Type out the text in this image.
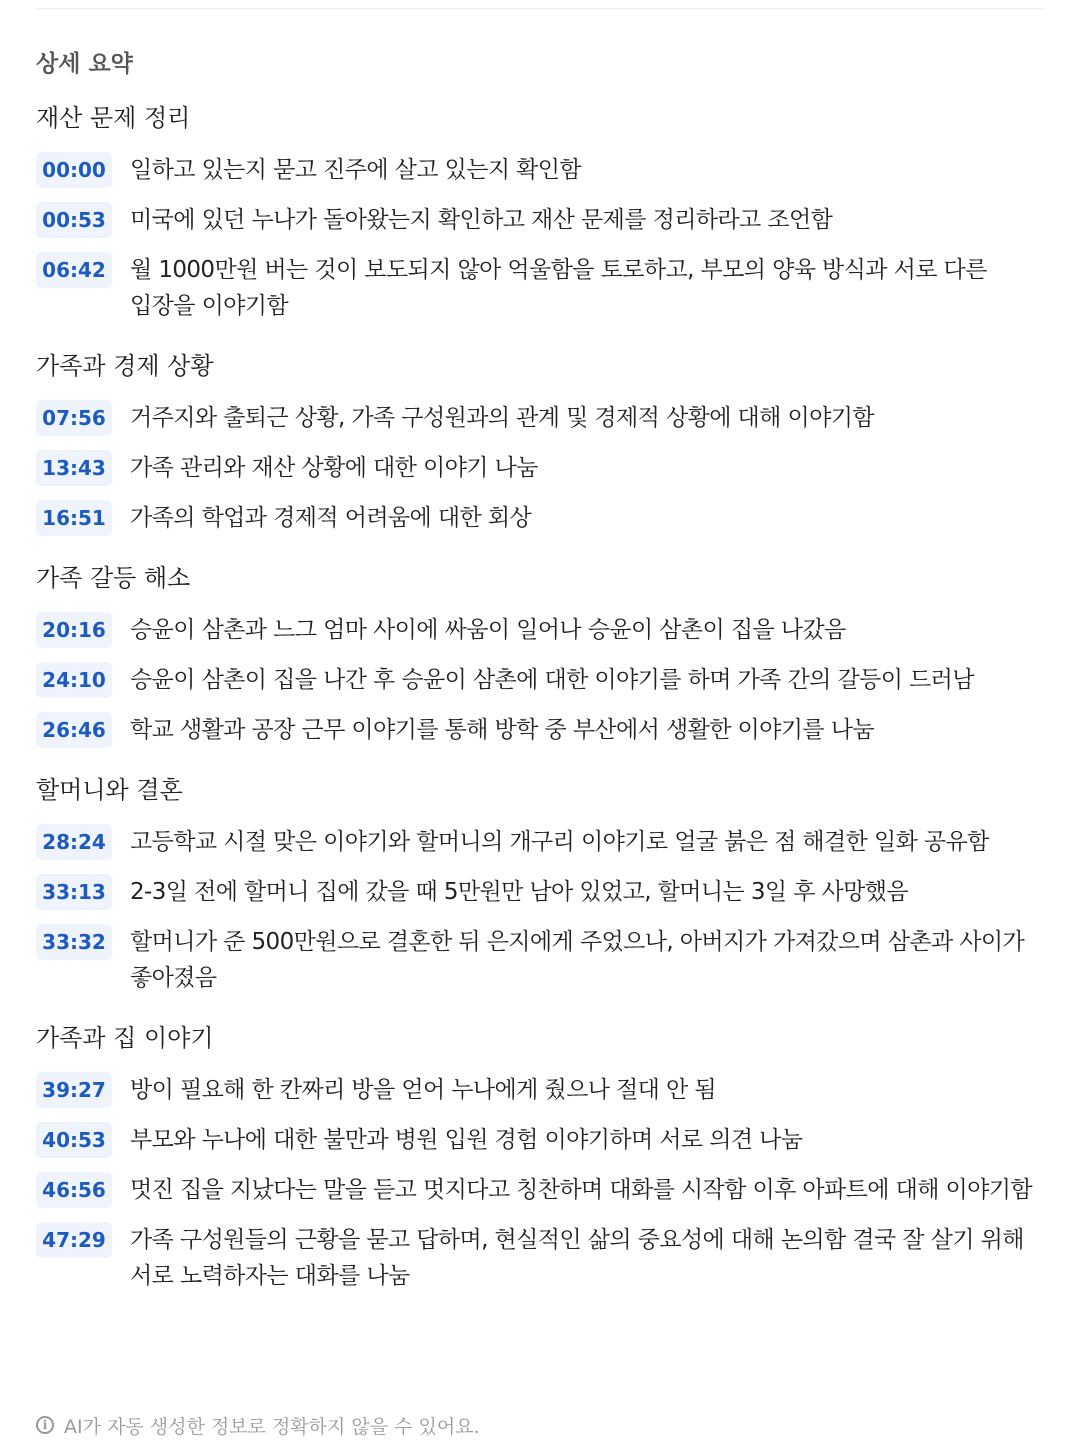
상세 요약
재산 문제 정리
00:00 일하고 있는지 묻고 진주에 살고 있는지 확인함
00:53 미국에 있던 누나가 돌아왔는지 확인하고 재산 문제를 정리하라고 조언함
06:42 월 1000만원 버는 것이 보도되지 않아 억울함을 토로하고, 부모의 양육 방식과 서로 다른 입장을 이야기함
가족과 경제 상황
07:56 거주지와 출퇴근 상황, 가족 구성원과의 관계 및 경제적 상황에 대해 이야기함
13:43 가족 관리와 재산 상황에 대한 이야기 나눔
16:51 가족의 학업과 경제적 어려움에 대한 회상
가족 갈등 해소
20:16 승윤이 삼촌과 느그 엄마 사이에 싸움이 일어나 승윤이 삼촌이 집을 나갔음
24:10 승윤이 삼촌이 집을 나간 후 승윤이 삼촌에 대한 이야기를 하며 가족 간의 갈등이 드러남
26:46 학교 생활과 공장 근무 이야기를 통해 방학 중 부산에서 생활한 이야기를 나눔
할머니와 결혼
28:24 고등학교 시절 맞은 이야기와 할머니의 개구리 이야기로 얼굴 붉은 점 해결한 일화 공유함
33:13 2-3일 전에 할머니 집에 갔을 때 5만원만 남아 있었고, 할머니는 3일 후 사망했음
33:32 할머니가 준 500만원으로 결혼한 뒤 은지에게 주었으나, 아버지가 가져갔으며 삼촌과 사이가 좋아졌음
가족과 집 이야기
39:27 방이 필요해 한 칸짜리 방을 얻어 누나에게 줬으나 절대 안 됨
40:53 부모와 누나에 대한 불만과 병원 입원 경험 이야기하며 서로 의견 나눔
46:56 멋진 집을 지났다는 말을 듣고 멋지다고 칭찬하며 대화를 시작함 이후 아파트에 대해 이야기함
47:29 가족 구성원들의 근황을 묻고 답하며, 현실적인 삶의 중요성에 대해 논의함 결국 잘 살기 위해 서로 노력하자는 대화를 나눔
i AI가 자동 생성한 정보로 정확하지 않을 수 있어요.
